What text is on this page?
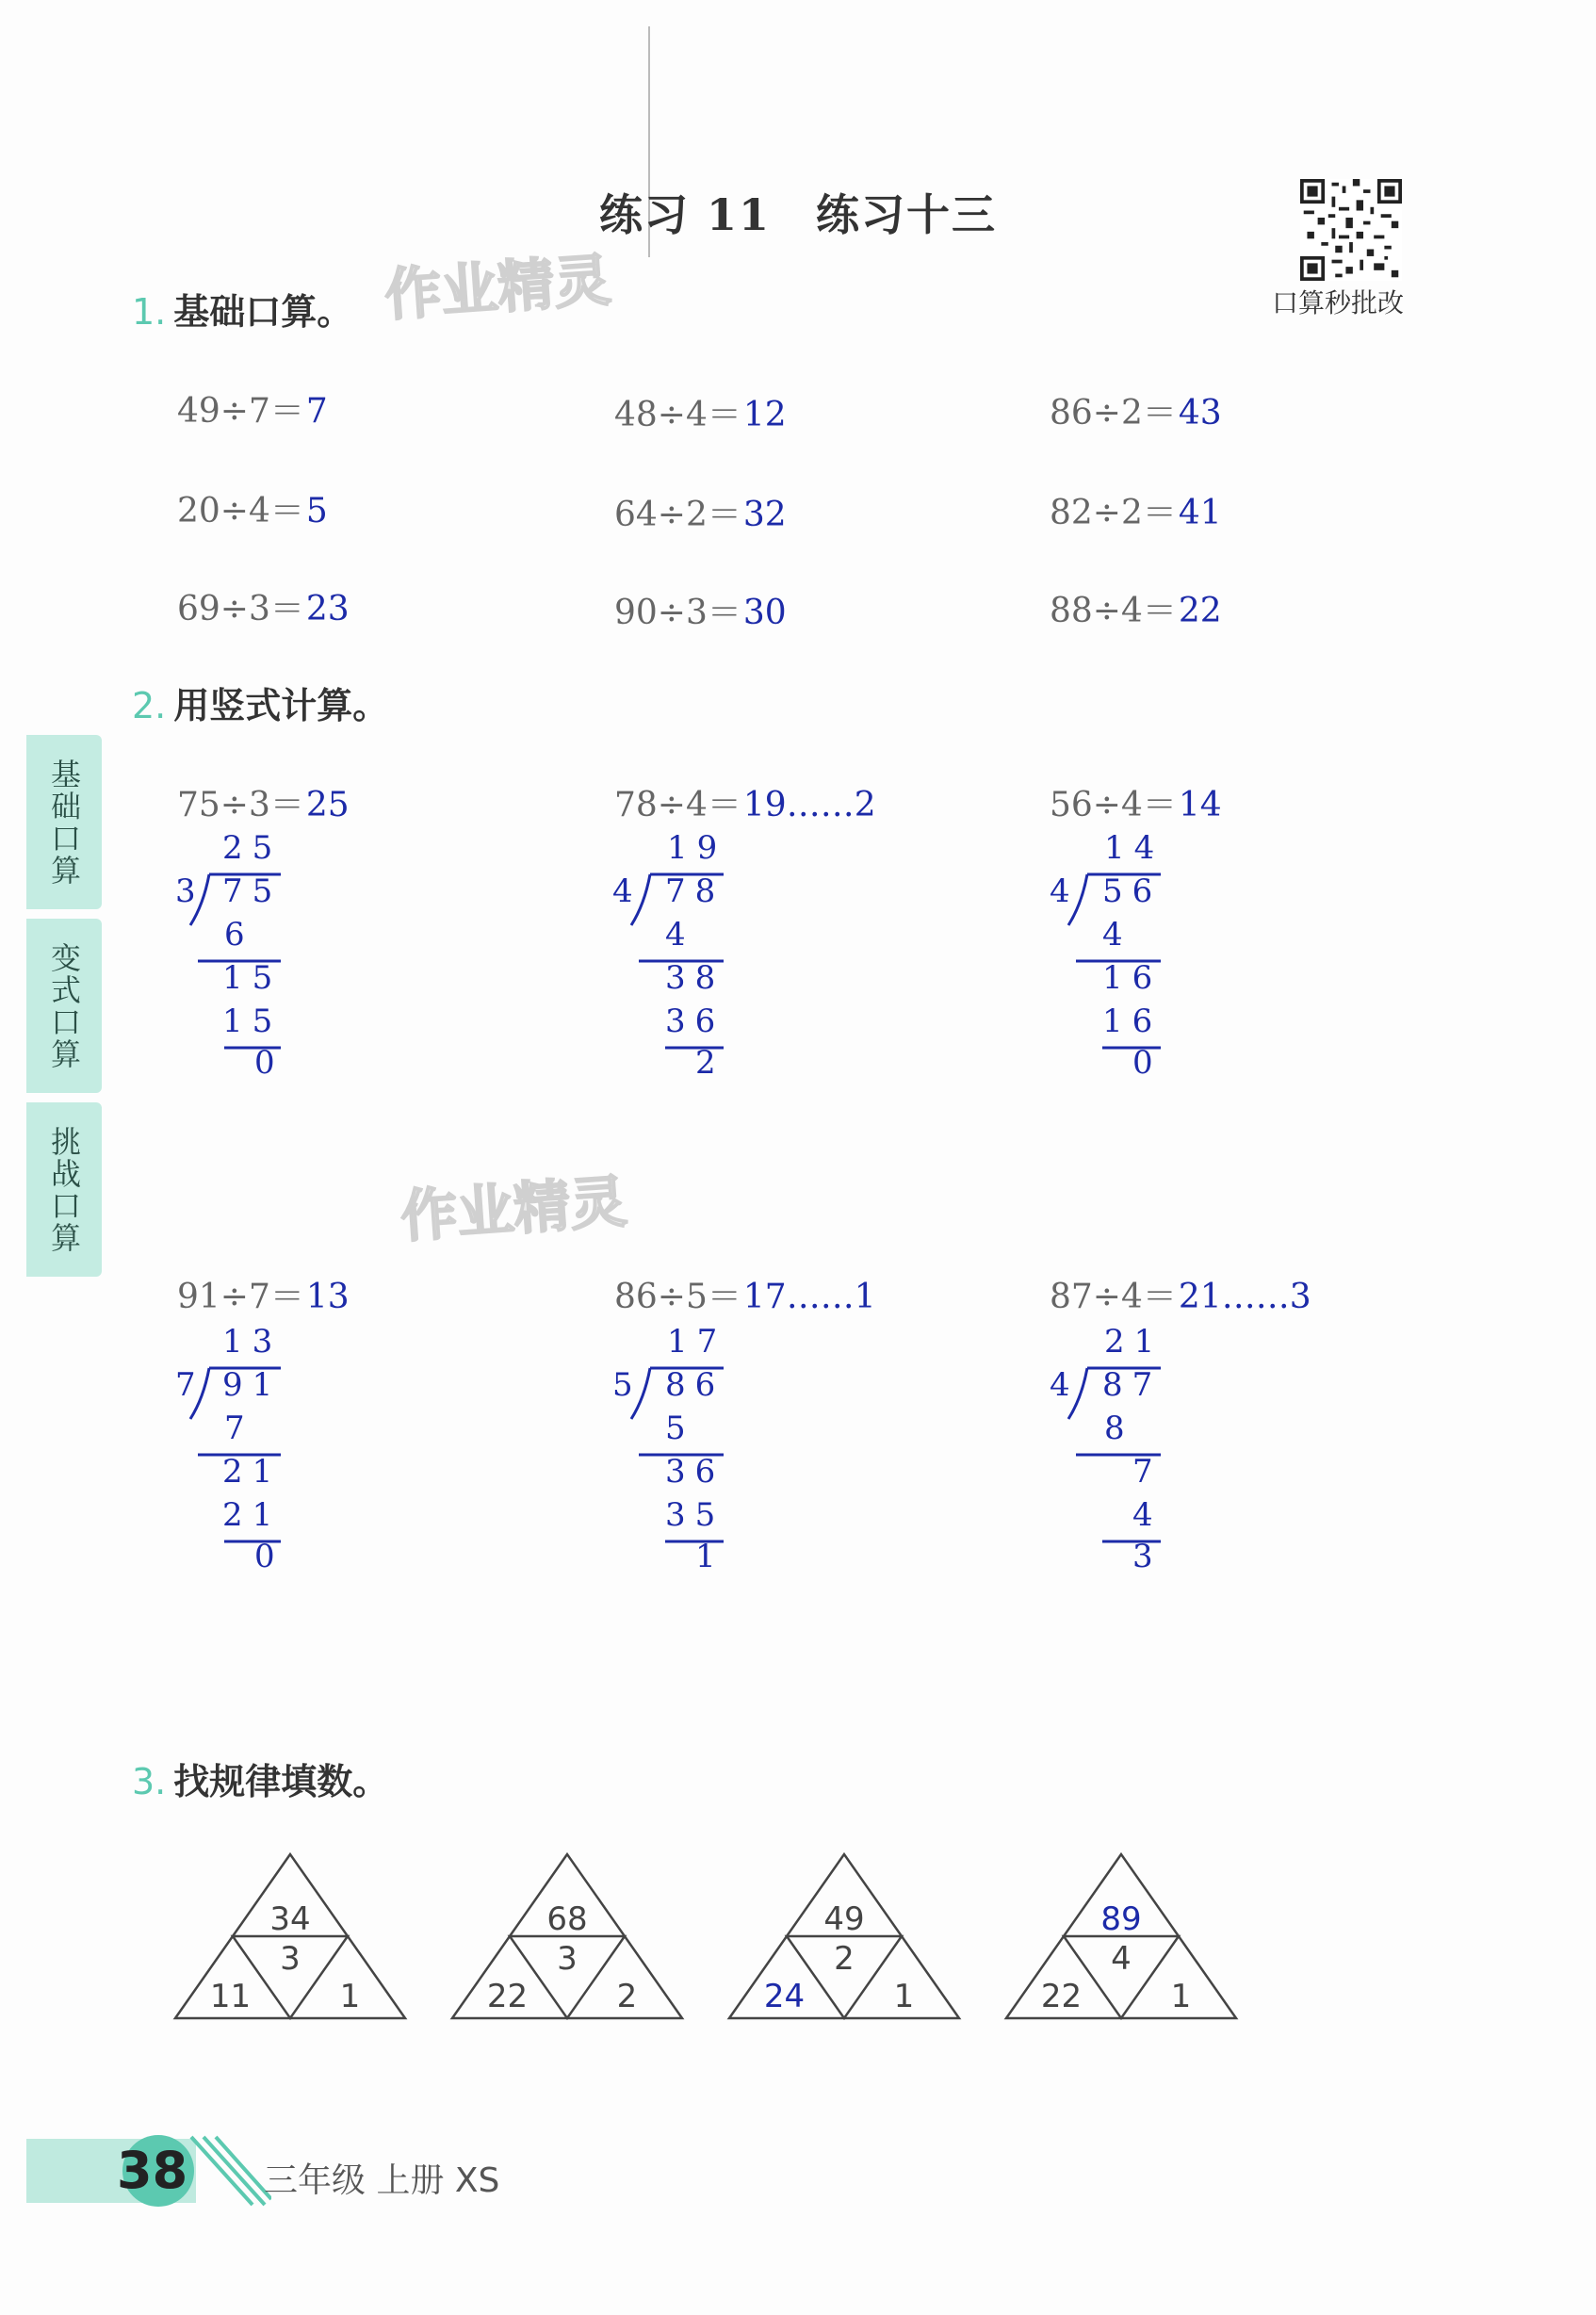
练习 11　练习十三
口算秒批改
作业精灵
作业精灵
基础口算
变式口算
挑战口算
1. 基础口算。
49÷7＝7	48÷4＝12	86÷2＝43
20÷4＝5	64÷2＝32	82÷2＝41
69÷3＝23	90÷3＝30	88÷4＝22
2. 用竖式计算。
75÷3＝25	78÷4＝19……2	56÷4＝14
91÷7＝13	86÷5＝17……1	87÷4＝21……3
25
3 75
6
15
15
0
19
4 78
4
38
36
2
14
4 56
4
16
16
0
13
7 91
7
21
21
0
17
5 86
5
36
35
1
21
4 87
8
7
4
3
3. 找规律填数。
34
3
11	1
68
3
22	2
49
2
24	1
89
4
22	1
38 三年级 上册 XS
